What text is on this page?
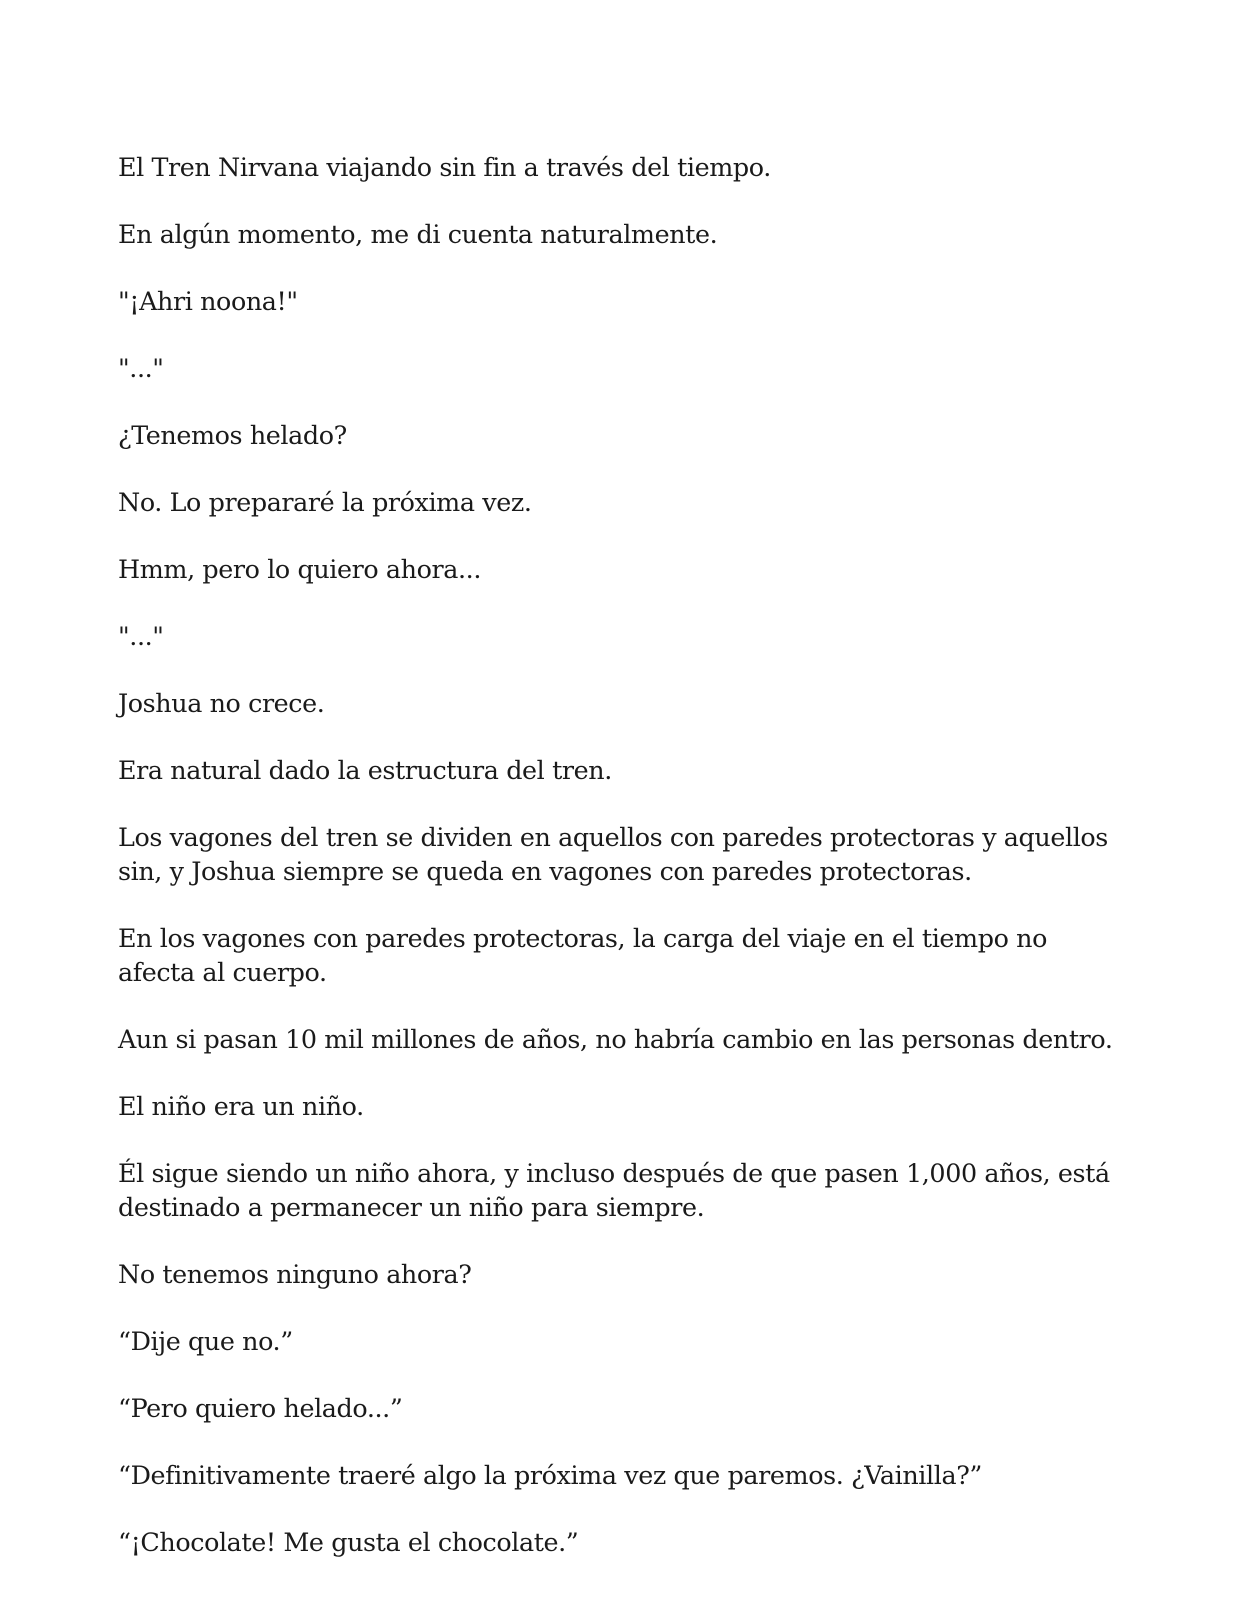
El Tren Nirvana viajando sin fin a través del tiempo.

En algún momento, me di cuenta naturalmente.

"¡Ahri noona!"

"..."

¿Tenemos helado?

No. Lo prepararé la próxima vez.

Hmm, pero lo quiero ahora...

"..."

Joshua no crece.

Era natural dado la estructura del tren.

Los vagones del tren se dividen en aquellos con paredes protectoras y aquellos sin, y Joshua siempre se queda en vagones con paredes protectoras.

En los vagones con paredes protectoras, la carga del viaje en el tiempo no afecta al cuerpo.

Aun si pasan 10 mil millones de años, no habría cambio en las personas dentro.

El niño era un niño.

Él sigue siendo un niño ahora, y incluso después de que pasen 1,000 años, está destinado a permanecer un niño para siempre.

No tenemos ninguno ahora?

“Dije que no.”

“Pero quiero helado...”

“Definitivamente traeré algo la próxima vez que paremos. ¿Vainilla?”

“¡Chocolate! Me gusta el chocolate.”
